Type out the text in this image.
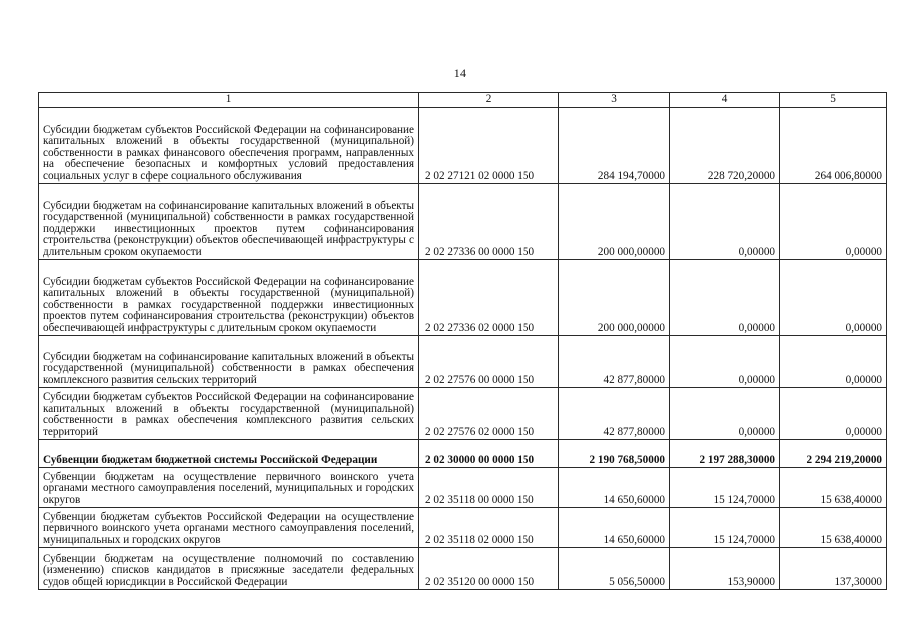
14
1	2	3	4	5
Субсидии бюджетам субъектов Российской Федерации на софинансирование капитальных вложений в объекты государственной (муниципальной) собственности в рамках финансового обеспечения программ, направленных на обеспечение безопасных и комфортных условий предоставления социальных услуг в сфере социального обслуживания	2 02 27121 02 0000 150	284 194,70000	228 720,20000	264 006,80000
Субсидии бюджетам на софинансирование капитальных вложений в объекты государственной (муниципальной) собственности в рамках государственной поддержки инвестиционных проектов путем софинансирования строительства (реконструкции) объектов обеспечивающей инфраструктуры с длительным сроком окупаемости	2 02 27336 00 0000 150	200 000,00000	0,00000	0,00000
Субсидии бюджетам субъектов Российской Федерации на софинансирование капитальных вложений в объекты государственной (муниципальной) собственности в рамках государственной поддержки инвестиционных проектов путем софинансирования строительства (реконструкции) объектов обеспечивающей инфраструктуры с длительным сроком окупаемости	2 02 27336 02 0000 150	200 000,00000	0,00000	0,00000
Субсидии бюджетам на софинансирование капитальных вложений в объекты государственной (муниципальной) собственности в рамках обеспечения комплексного развития сельских территорий	2 02 27576 00 0000 150	42 877,80000	0,00000	0,00000
Субсидии бюджетам субъектов Российской Федерации на софинансирование капитальных вложений в объекты государственной (муниципальной) собственности в рамках обеспечения комплексного развития сельских территорий	2 02 27576 02 0000 150	42 877,80000	0,00000	0,00000
Субвенции бюджетам бюджетной системы Российской Федерации	2 02 30000 00 0000 150	2 190 768,50000	2 197 288,30000	2 294 219,20000
Субвенции бюджетам на осуществление первичного воинского учета органами местного самоуправления поселений, муниципальных и городских округов	2 02 35118 00 0000 150	14 650,60000	15 124,70000	15 638,40000
Субвенции бюджетам субъектов Российской Федерации на осуществление первичного воинского учета органами местного самоуправления поселений, муниципальных и городских округов	2 02 35118 02 0000 150	14 650,60000	15 124,70000	15 638,40000
Субвенции бюджетам на осуществление полномочий по составлению (изменению) списков кандидатов в присяжные заседатели федеральных судов общей юрисдикции в Российской Федерации	2 02 35120 00 0000 150	5 056,50000	153,90000	137,30000
